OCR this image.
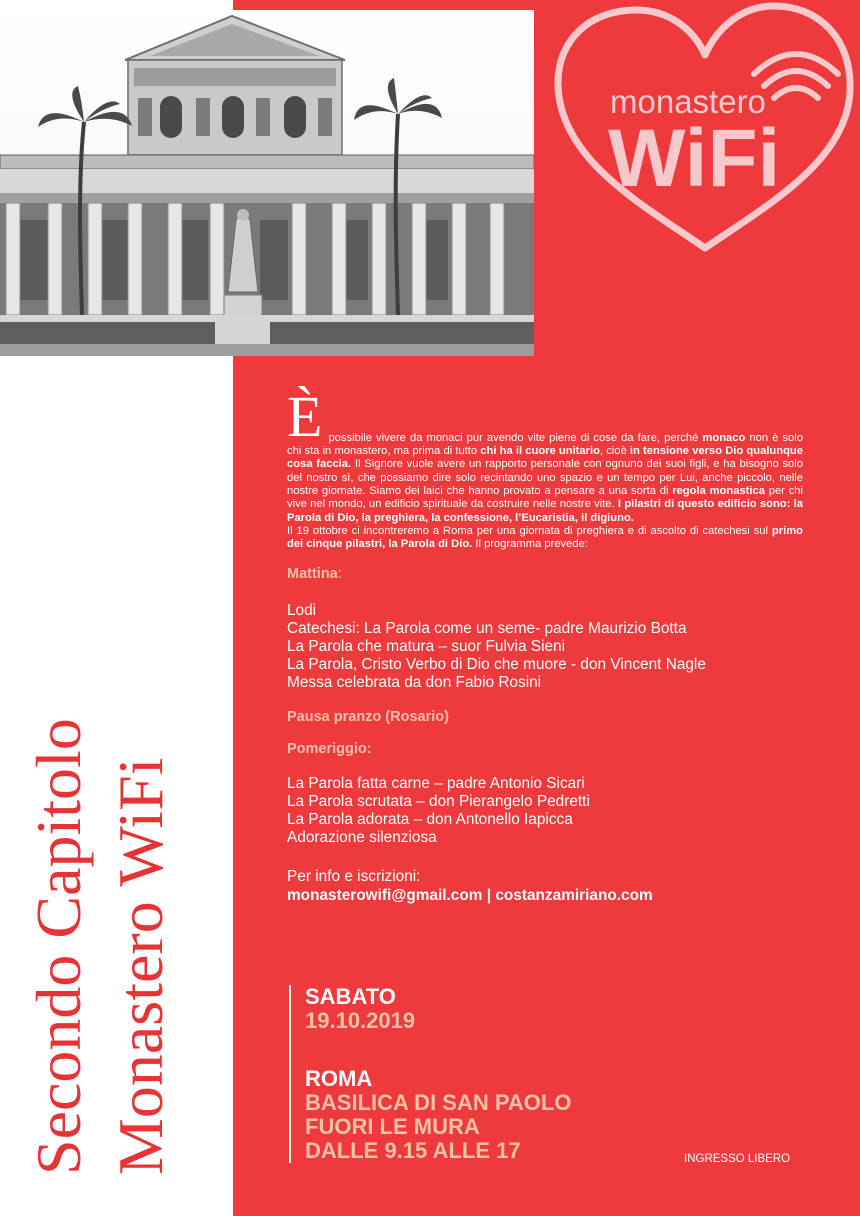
monastero
WiFi
Secondo Capitolo
Monastero WiFi
È possibile vivere da monaci pur avendo vite piene di cose da fare, perché monaco non è solo chi sta in monastero, ma prima di tutto chi ha il cuore unitario, cioè in tensione verso Dio qualunque cosa faccia. Il Signore vuole avere un rapporto personale con ognuno dei suoi figli, e ha bisogno solo del nostro sì, che possiamo dire solo recintando uno spazio e un tempo per Lui, anche piccolo, nelle nostre giornate. Siamo dei laici che hanno provato a pensare a una sorta di regola monastica per chi vive nel mondo, un edificio spirituale da costruire nelle nostre vite. I pilastri di questo edificio sono: la Parola di Dio, la preghiera, la confessione, l’Eucaristia, il digiuno.
Il 19 ottobre ci incontreremo a Roma per una giornata di preghiera e di ascolto di catechesi sul primo dei cinque pilastri, la Parola di Dio. Il programma prevede:
Mattina:
Lodi
Catechesi: La Parola come un seme- padre Maurizio Botta
La Parola che matura – suor Fulvia Sieni
La Parola, Cristo Verbo di Dio che muore - don Vincent Nagle
Messa celebrata da don Fabio Rosini
Pausa pranzo (Rosario)
Pomeriggio:
La Parola fatta carne – padre Antonio Sicari
La Parola scrutata – don Pierangelo Pedretti
La Parola adorata – don Antonello Iapicca
Adorazione silenziosa
Per info e iscrizioni:
monasterowifi@gmail.com | costanzamiriano.com
SABATO
19.10.2019
ROMA
BASILICA DI SAN PAOLO
FUORI LE MURA
DALLE 9.15 ALLE 17	INGRESSO LIBERO
